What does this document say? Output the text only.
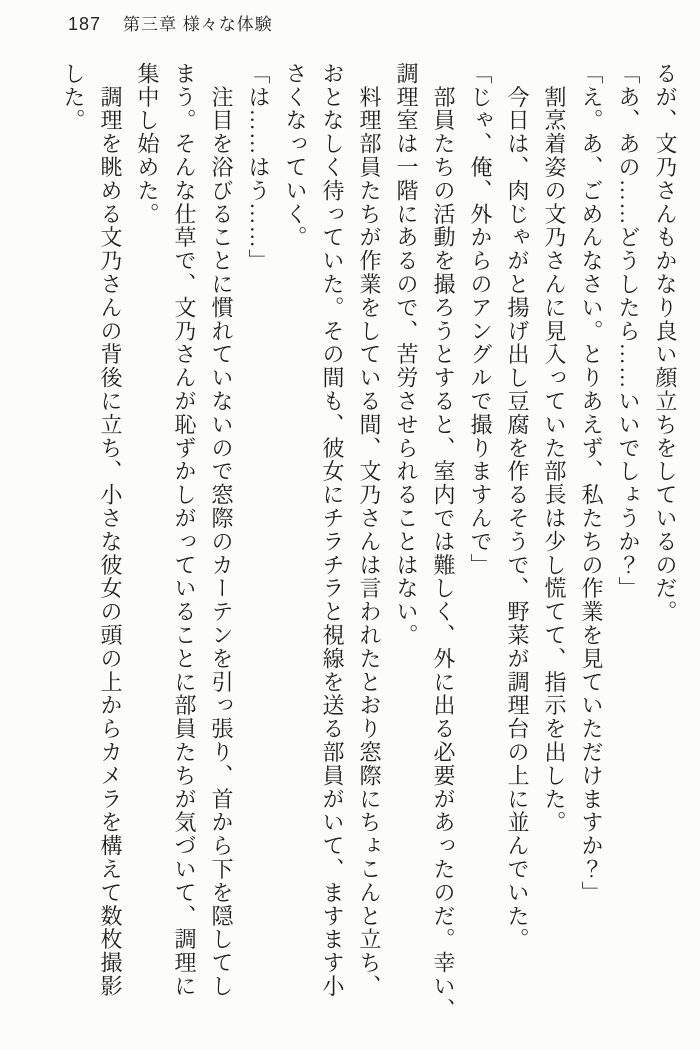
187 第三章 様々な体験
るが、文乃さんもかなり良い顔立ちをしているのだ。
「あ、あの……どうしたら……いいでしょうか？」
「え。あ、ごめんなさい。とりあえず、私たちの作業を見ていただけますか？」
　割烹着姿の文乃さんに見入っていた部長は少し慌てて、指示を出した。
　今日は、肉じゃがと揚げ出し豆腐を作るそうで、野菜が調理台の上に並んでいた。
「じゃ、俺、外からのアングルで撮りますんで」
　部員たちの活動を撮ろうとすると、室内では難しく、外に出る必要があったのだ。幸い、
調理室は一階にあるので、苦労させられることはない。
　料理部員たちが作業をしている間、文乃さんは言われたとおり窓際にちょこんと立ち、
おとなしく待っていた。その間も、彼女にチラチラと視線を送る部員がいて、ますます小
さくなっていく。
「は……はう……」
　注目を浴びることに慣れていないので窓際のカーテンを引っ張り、首から下を隠してし
まう。そんな仕草で、文乃さんが恥ずかしがっていることに部員たちが気づいて、調理に
集中し始めた。
　調理を眺める文乃さんの背後に立ち、小さな彼女の頭の上からカメラを構えて数枚撮影
した。
